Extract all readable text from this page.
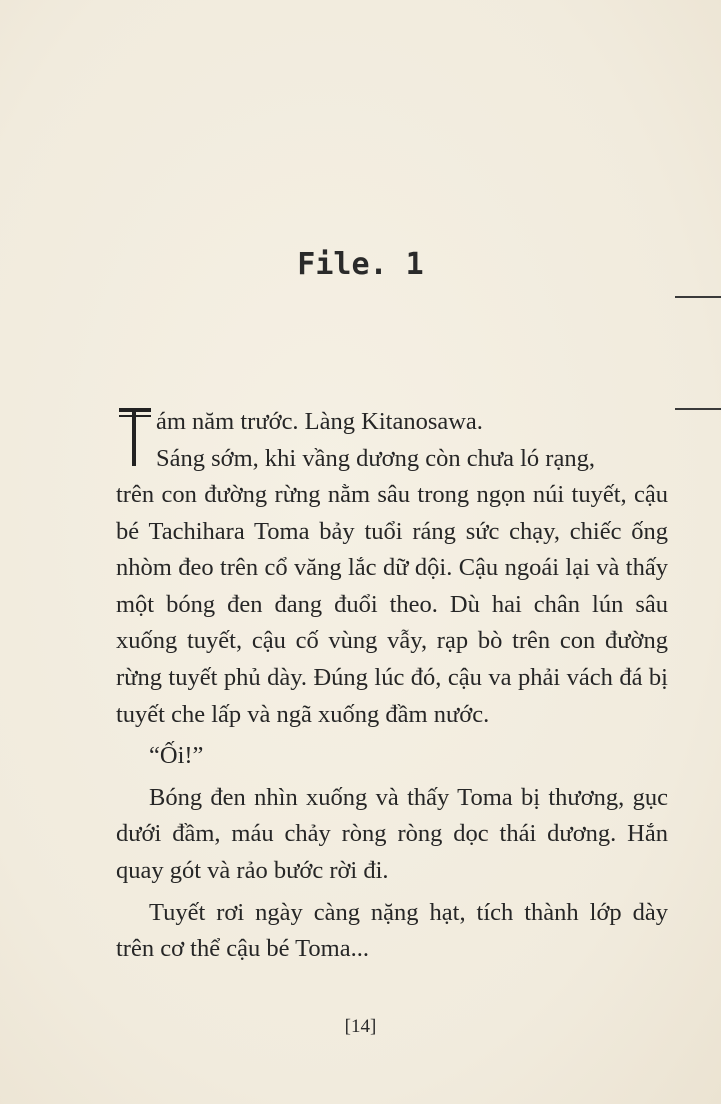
File. 1
ám năm trước. Làng Kitanosawa.
Sáng sớm, khi vầng dương còn chưa ló rạng,

trên con đường rừng nằm sâu trong ngọn núi tuyết, cậu bé Tachihara Toma bảy tuổi ráng sức chạy, chiếc ống nhòm đeo trên cổ văng lắc dữ dội. Cậu ngoái lại và thấy một bóng đen đang đuổi theo. Dù hai chân lún sâu xuống tuyết, cậu cố vùng vẫy, rạp bò trên con đường rừng tuyết phủ dày. Đúng lúc đó, cậu va phải vách đá bị tuyết che lấp và ngã xuống đầm nước.

“Ối!”

Bóng đen nhìn xuống và thấy Toma bị thương, gục dưới đầm, máu chảy ròng ròng dọc thái dương. Hắn quay gót và rảo bước rời đi.

Tuyết rơi ngày càng nặng hạt, tích thành lớp dày trên cơ thể cậu bé Toma...

[14]
